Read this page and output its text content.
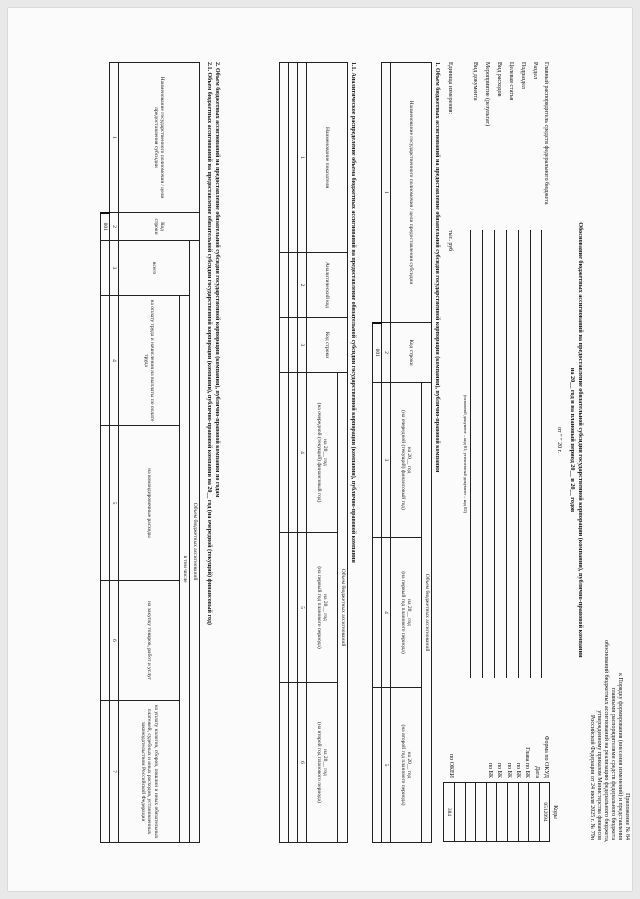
Приложение № 84
к Порядку формирования (внесения изменений) и представления
главными распорядителями средств федерального бюджета
обоснований бюджетных ассигнований на реализацию федерального бюджета,
утвержденному приказом Министерства финансов
Российской Федерации от 24 июля 2025 г. № 79н
Обоснование бюджетных ассигнований на предоставление обязательной субсидии государственной корпорации (компании), публично-правовой компании
на 20__ год и на плановый период 20__ и 20__ годов
от " " 20 г.
Коды
0512094

384
Форма по ОКУД
Дата
Глава по БК
по БК
по БК
по БК
по БК
по ОКЕИ
Главный распорядитель средств федерального бюджета
Раздел
Подраздел
Целевая статья
Вид расходов
Мероприятие (результат)
Вид документа
(основной документ – код 01; уточненный документ – код 02)
Единица измерения:
тыс. руб
1. Объем бюджетных ассигнований на предоставление обязательной субсидии государственной корпорации (компании), публично-правовой компании
Наименование государственного полномочия / цели предоставления субсидии	Код строки	Объем бюджетных ассигнований		
		на 20__ год
(на очередной (текущий) финансовый год)	на 20__ год
(на первый год планового периода)	на 20__ год
(на второй год планового периода)
1	2	3	4	5
	001			
1.1. Аналитическое распределение объема бюджетных ассигнований на предоставление обязательной субсидии государственной корпорации (компании), публично-правовой компании
Наименование показателя	Аналитический код	Код строки	Объем бюджетных ассигнований		
			на 20__ год
(на очередной (текущий) финансовый год)	на 20__ год
(на первый год планового периода)	на 20__ год
(на второй год планового периода)
1	2	3	4	5	6

2. Объем бюджетных ассигнований на предоставление обязательной субсидии государственной корпорации (компании), публично-правовой компании по годам
2.1. Объем бюджетных ассигнований на предоставление обязательной субсидии государственной корпорации (компании), публично-правовой компании на 20__ год (на очередной (текущий) финансовый год)
Наименование государственного полномочия / цели предоставления субсидии	Код строки	Объем бюджетных ассигнований				
		всего	в том числе			
			на оплату труда и начисления на выплаты по оплате труда	на командировочные расходы	на закупку товаров, работ и услуг	на уплату налогов, сборов, пошлин и иных обязательных платежей, судебных и иных расходов, установленных законодательством Российской Федерации
1	2	3	4	5	6	7
	001					
